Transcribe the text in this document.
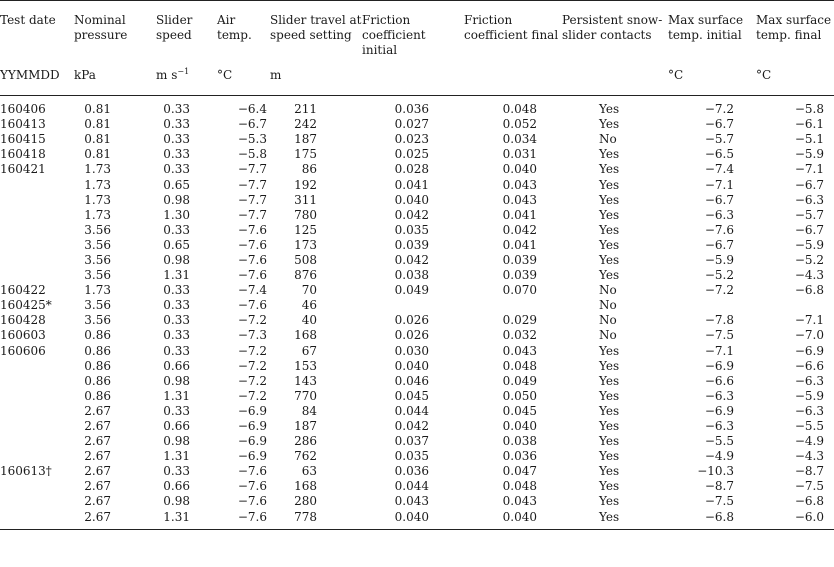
Test date	Nominal pressure	Slider speed	Air temp.	Slider travel at speed setting	Friction coefficient initial	Friction coefficient final	Persistent snow-slider contacts	Max surface temp. initial	Max surface temp. final
YYMMDD	kPa	m $s^{-1}$	°C	m				°C	°C
160406	0.81	0.33	−6.4	211	0.036	0.048	Yes	−7.2	−5.8
160413	0.81	0.33	−6.7	242	0.027	0.052	Yes	−6.7	−6.1
160415	0.81	0.33	−5.3	187	0.023	0.034	No	−5.7	−5.1
160418	0.81	0.33	−5.8	175	0.025	0.031	Yes	−6.5	−5.9
160421	1.73	0.33	−7.7	86	0.028	0.040	Yes	−7.4	−7.1
	1.73	0.65	−7.7	192	0.041	0.043	Yes	−7.1	−6.7
	1.73	0.98	−7.7	311	0.040	0.043	Yes	−6.7	−6.3
	1.73	1.30	−7.7	780	0.042	0.041	Yes	−6.3	−5.7
	3.56	0.33	−7.6	125	0.035	0.042	Yes	−7.6	−6.7
	3.56	0.65	−7.6	173	0.039	0.041	Yes	−6.7	−5.9
	3.56	0.98	−7.6	508	0.042	0.039	Yes	−5.9	−5.2
	3.56	1.31	−7.6	876	0.038	0.039	Yes	−5.2	−4.3
160422	1.73	0.33	−7.4	70	0.049	0.070	No	−7.2	−6.8
160425*	3.56	0.33	−7.6	46			No		
160428	3.56	0.33	−7.2	40	0.026	0.029	No	−7.8	−7.1
160603	0.86	0.33	−7.3	168	0.026	0.032	No	−7.5	−7.0
160606	0.86	0.33	−7.2	67	0.030	0.043	Yes	−7.1	−6.9
	0.86	0.66	−7.2	153	0.040	0.048	Yes	−6.9	−6.6
	0.86	0.98	−7.2	143	0.046	0.049	Yes	−6.6	−6.3
	0.86	1.31	−7.2	770	0.045	0.050	Yes	−6.3	−5.9
	2.67	0.33	−6.9	84	0.044	0.045	Yes	−6.9	−6.3
	2.67	0.66	−6.9	187	0.042	0.040	Yes	−6.3	−5.5
	2.67	0.98	−6.9	286	0.037	0.038	Yes	−5.5	−4.9
	2.67	1.31	−6.9	762	0.035	0.036	Yes	−4.9	−4.3
160613†	2.67	0.33	−7.6	63	0.036	0.047	Yes	−10.3	−8.7
	2.67	0.66	−7.6	168	0.044	0.048	Yes	−8.7	−7.5
	2.67	0.98	−7.6	280	0.043	0.043	Yes	−7.5	−6.8
	2.67	1.31	−7.6	778	0.040	0.040	Yes	−6.8	−6.0
